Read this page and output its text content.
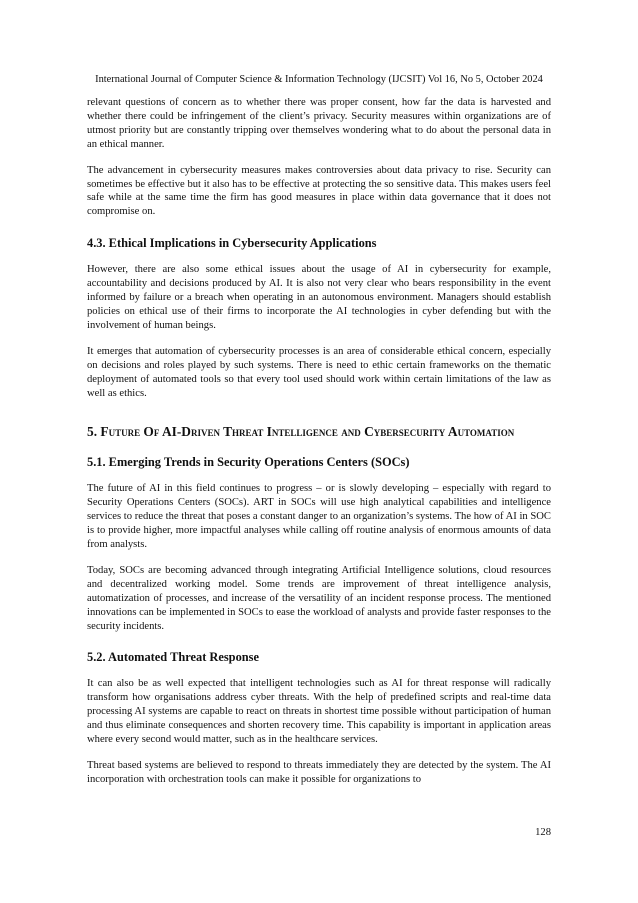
International Journal of Computer Science & Information Technology (IJCSIT) Vol 16, No 5, October 2024

relevant questions of concern as to whether there was proper consent, how far the data is harvested and whether there could be infringement of the client’s privacy. Security measures within organizations are of utmost priority but are constantly tripping over themselves wondering what to do about the personal data in an ethical manner.

The advancement in cybersecurity measures makes controversies about data privacy to rise. Security can sometimes be effective but it also has to be effective at protecting the so sensitive data. This makes users feel safe while at the same time the firm has good measures in place within data governance that it does not compromise on.

4.3. Ethical Implications in Cybersecurity Applications

However, there are also some ethical issues about the usage of AI in cybersecurity for example, accountability and decisions produced by AI. It is also not very clear who bears responsibility in the event informed by failure or a breach when operating in an autonomous environment. Managers should establish policies on ethical use of their firms to incorporate the AI technologies in cyber defending but with the involvement of human beings.

It emerges that automation of cybersecurity processes is an area of considerable ethical concern, especially on decisions and roles played by such systems. There is need to ethic certain frameworks on the thematic deployment of automated tools so that every tool used should work within certain limitations of the law as well as ethics.

5. Future Of AI-Driven Threat Intelligence and Cybersecurity Automation
5.1. Emerging Trends in Security Operations Centers (SOCs)

The future of AI in this field continues to progress – or is slowly developing – especially with regard to Security Operations Centers (SOCs). ART in SOCs will use high analytical capabilities and intelligence services to reduce the threat that poses a constant danger to an organization’s systems. The how of AI in SOC is to provide higher, more impactful analyses while calling off routine analysis of enormous amounts of data from analysts.

Today, SOCs are becoming advanced through integrating Artificial Intelligence solutions, cloud resources and decentralized working model. Some trends are improvement of threat intelligence analysis, automatization of processes, and increase of the versatility of an incident response process. The mentioned innovations can be implemented in SOCs to ease the workload of analysts and provide faster responses to the security incidents.

5.2. Automated Threat Response

It can also be as well expected that intelligent technologies such as AI for threat response will radically transform how organisations address cyber threats. With the help of predefined scripts and real-time data processing AI systems are capable to react on threats in shortest time possible without participation of human and thus eliminate consequences and shorten recovery time. This capability is important in application areas where every second would matter, such as in the healthcare services.

Threat based systems are believed to respond to threats immediately they are detected by the system. The AI incorporation with orchestration tools can make it possible for organizations to

128
